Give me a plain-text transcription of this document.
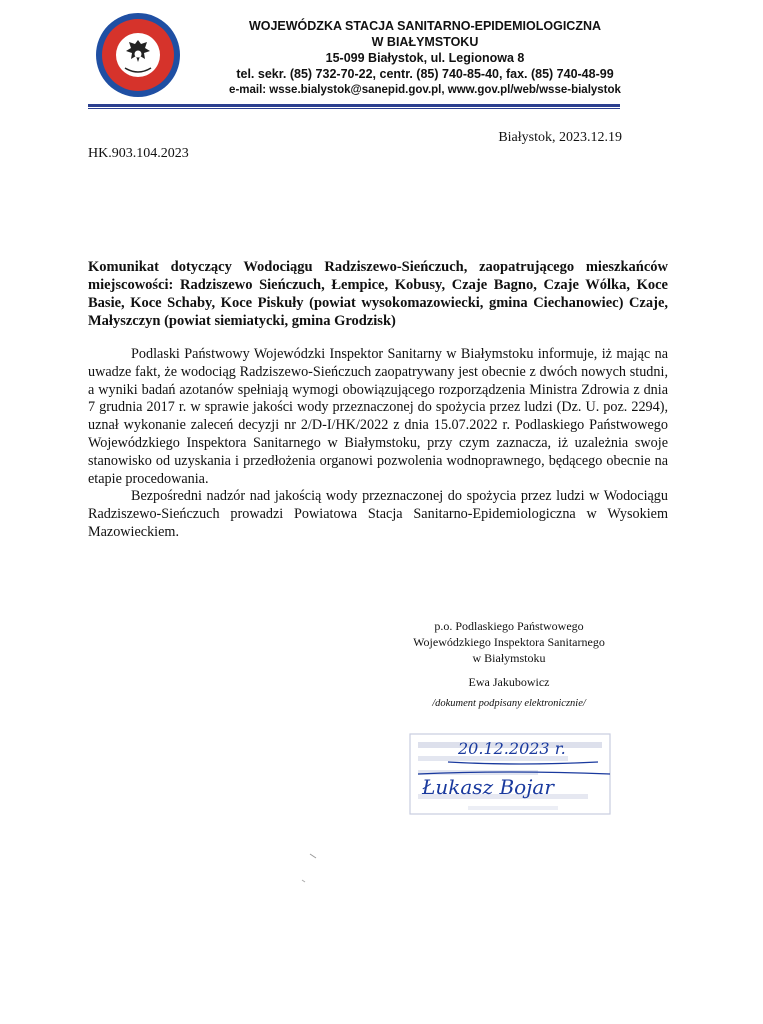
WOJEWÓDZKA STACJA SANITARNO-EPIDEMIOLOGICZNA
W BIAŁYMSTOKU
15-099 Białystok, ul. Legionowa 8
tel. sekr. (85) 732-70-22, centr. (85) 740-85-40, fax. (85) 740-48-99
e-mail: wsse.bialystok@sanepid.gov.pl, www.gov.pl/web/wsse-bialystok
Białystok, 2023.12.19
HK.903.104.2023
Komunikat dotyczący Wodociągu Radziszewo-Sieńczuch, zaopatrującego mieszkańców miejscowości: Radziszewo Sieńczuch, Łempice, Kobusy, Czaje Bagno, Czaje Wólka, Koce Basie, Koce Schaby, Koce Piskuły (powiat wysokomazowiecki, gmina Ciechanowiec) Czaje, Małyszczyn (powiat siemiatycki, gmina Grodzisk)

Podlaski Państwowy Wojewódzki Inspektor Sanitarny w Białymstoku informuje, iż mając na uwadze fakt, że wodociąg Radziszewo-Sieńczuch zaopatrywany jest obecnie z dwóch nowych studni, a wyniki badań azotanów spełniają wymogi obowiązującego rozporządzenia Ministra Zdrowia z dnia 7 grudnia 2017 r. w sprawie jakości wody przeznaczonej do spożycia przez ludzi (Dz. U. poz. 2294), uznał wykonanie zaleceń decyzji nr 2/D-I/HK/2022 z dnia 15.07.2022 r. Podlaskiego Państwowego Wojewódzkiego Inspektora Sanitarnego w Białymstoku, przy czym zaznacza, iż uzależnia swoje stanowisko od uzyskania i przedłożenia organowi pozwolenia wodnoprawnego, będącego obecnie na etapie procedowania.

Bezpośredni nadzór nad jakością wody przeznaczonej do spożycia przez ludzi w Wodociągu Radziszewo-Sieńczuch prowadzi Powiatowa Stacja Sanitarno-Epidemiologiczna w Wysokiem Mazowieckiem.

p.o. Podlaskiego Państwowego
Wojewódzkiego Inspektora Sanitarnego
w Białymstoku
Ewa Jakubowicz
/dokument podpisany elektronicznie/
20.12.2023 r.
Łukasz Bojar
